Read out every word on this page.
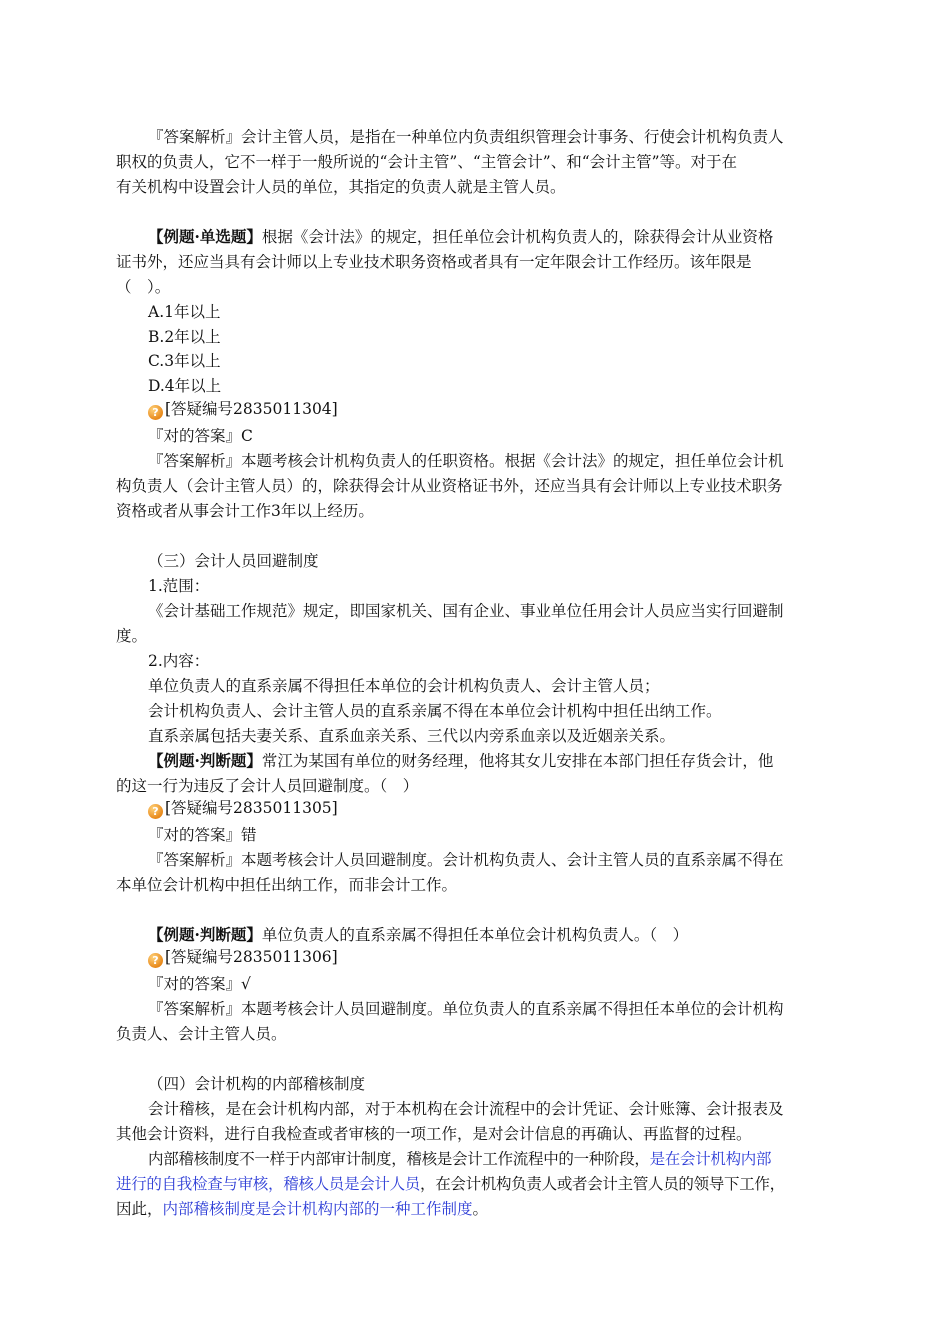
『答案解析』会计主管人员，是指在一种单位内负责组织管理会计事务、行使会计机构负责人
职权的负责人，它不一样于一般所说的“会计主管”、“主管会计”、和“会计主管”等。对于在
有关机构中设置会计人员的单位，其指定的负责人就是主管人员。
【例题·单选题】根据《会计法》的规定，担任单位会计机构负责人的，除获得会计从业资格
证书外，还应当具有会计师以上专业技术职务资格或者具有一定年限会计工作经历。该年限是
（　）。
A.1年以上
B.2年以上
C.3年以上
D.4年以上
? [答疑编号2835011304]
『对的答案』C
『答案解析』本题考核会计机构负责人的任职资格。根据《会计法》的规定，担任单位会计机
构负责人（会计主管人员）的，除获得会计从业资格证书外，还应当具有会计师以上专业技术职务
资格或者从事会计工作3年以上经历。
（三）会计人员回避制度
1.范围：
《会计基础工作规范》规定，即国家机关、国有企业、事业单位任用会计人员应当实行回避制
度。
2.内容：
单位负责人的直系亲属不得担任本单位的会计机构负责人、会计主管人员；
会计机构负责人、会计主管人员的直系亲属不得在本单位会计机构中担任出纳工作。
直系亲属包括夫妻关系、直系血亲关系、三代以内旁系血亲以及近姻亲关系。
【例题·判断题】常江为某国有单位的财务经理，他将其女儿安排在本部门担任存货会计，他
的这一行为违反了会计人员回避制度。（　）
? [答疑编号2835011305]
『对的答案』错
『答案解析』本题考核会计人员回避制度。会计机构负责人、会计主管人员的直系亲属不得在
本单位会计机构中担任出纳工作，而非会计工作。
【例题·判断题】单位负责人的直系亲属不得担任本单位会计机构负责人。（　）
? [答疑编号2835011306]
『对的答案』√
『答案解析』本题考核会计人员回避制度。单位负责人的直系亲属不得担任本单位的会计机构
负责人、会计主管人员。
（四）会计机构的内部稽核制度
会计稽核，是在会计机构内部，对于本机构在会计流程中的会计凭证、会计账簿、会计报表及
其他会计资料，进行自我检查或者审核的一项工作，是对会计信息的再确认、再监督的过程。
内部稽核制度不一样于内部审计制度，稽核是会计工作流程中的一种阶段，是在会计机构内部
进行的自我检查与审核，稽核人员是会计人员，在会计机构负责人或者会计主管人员的领导下工作，
因此，内部稽核制度是会计机构内部的一种工作制度。
